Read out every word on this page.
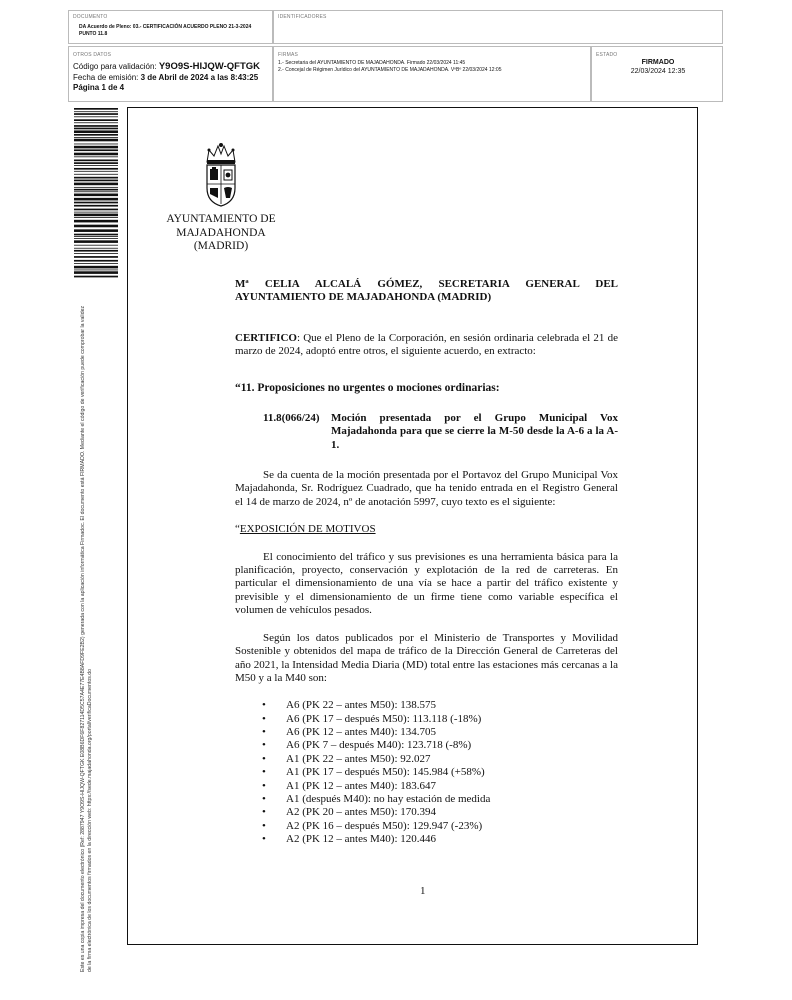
DOCUMENTO
DA Acuerdo de Pleno: 03.- CERTIFICACIÓN ACUERDO PLENO 21-3-2024
PUNTO 11.8
IDENTIFICADORES
OTROS DATOS
Código para validación: Y9O9S-HIJQW-QFTGK
Fecha de emisión: 3 de Abril de 2024 a las 8:43:25
Página 1 de 4
FIRMAS
1.- Secretaria del AYUNTAMIENTO DE MAJADAHONDA. Firmado 22/03/2024 11:45
2.- Concejal de Régimen Jurídico del AYUNTAMIENTO DE MAJADAHONDA. VºBº 22/03/2024 12:05
ESTADO
FIRMADO
22/03/2024 12:35
Este es una copia impresa del documento electrónico (Ref: 2887947 Y9O9S-HIJQW-QFTGK E08B6DF6F827114D5C57A4E77E4B8AFD9FE2B2) generada con la aplicación informática Firmadoc. El documento está FIRMADO. Mediante el código de verificación puede comprobar la validez de la firma electrónica de los documentos firmados en la dirección web: https://sede.majadahonda.org/portal/verificaDocumentos.do
AYUNTAMIENTO DE
MAJADAHONDA
(MADRID)
Mª CELIA ALCALÁ GÓMEZ, SECRETARIA GENERAL DEL
AYUNTAMIENTO DE MAJADAHONDA (MADRID)

CERTIFICO: Que el Pleno de la Corporación, en sesión ordinaria celebrada el 21 de marzo de 2024, adoptó entre otros, el siguiente acuerdo, en extracto:

“11. Proposiciones no urgentes o mociones ordinarias:

11.8(066/24) Moción presentada por el Grupo Municipal Vox Majadahonda para que se cierre la M-50 desde la A-6 a la A-1.

Se da cuenta de la moción presentada por el Portavoz del Grupo Municipal Vox Majadahonda, Sr. Rodríguez Cuadrado, que ha tenido entrada en el Registro General el 14 de marzo de 2024, nº de anotación 5997, cuyo texto es el siguiente:

“EXPOSICIÓN DE MOTIVOS

El conocimiento del tráfico y sus previsiones es una herramienta básica para la planificación, proyecto, conservación y explotación de la red de carreteras. En particular el dimensionamiento de una vía se hace a partir del tráfico existente y previsible y el dimensionamiento de un firme tiene como variable específica el volumen de vehículos pesados.

Según los datos publicados por el Ministerio de Transportes y Movilidad Sostenible y obtenidos del mapa de tráfico de la Dirección General de Carreteras del año 2021, la Intensidad Media Diaria (MD) total entre las estaciones más cercanas a la M50 y a la M40 son:

• A6 (PK 22 – antes M50): 138.575
• A6 (PK 17 – después M50): 113.118 (-18%)
• A6 (PK 12 – antes M40): 134.705
• A6 (PK 7 – después M40): 123.718 (-8%)
• A1 (PK 22 – antes M50): 92.027
• A1 (PK 17 – después M50): 145.984 (+58%)
• A1 (PK 12 – antes M40): 183.647
• A1 (después M40): no hay estación de medida
• A2 (PK 20 – antes M50): 170.394
• A2 (PK 16 – después M50): 129.947 (-23%)
• A2 (PK 12 – antes M40): 120.446
1
